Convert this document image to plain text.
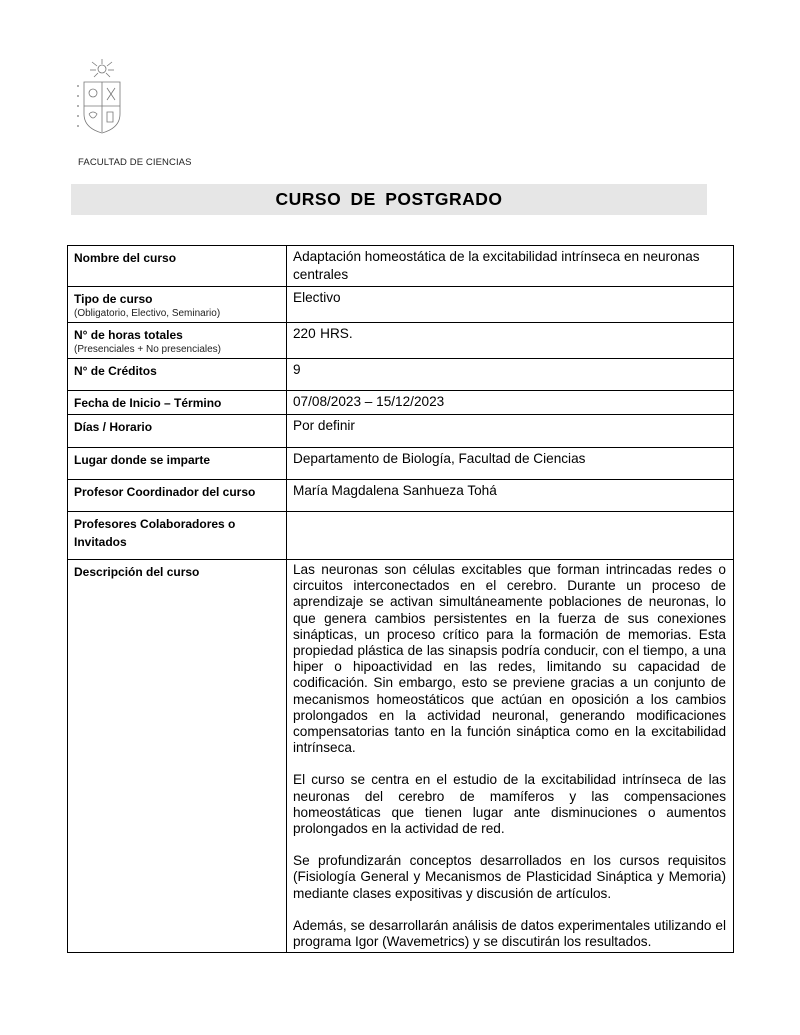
FACULTAD DE CIENCIAS
CURSO DE POSTGRADO
Nombre del curso	Adaptación homeostática de la excitabilidad intrínseca en neuronas centrales
Tipo de curso
(Obligatorio, Electivo, Seminario)	Electivo
N° de horas totales
(Presenciales + No presenciales)	220 HRS.
N° de Créditos	9
Fecha de Inicio – Término	07/08/2023 – 15/12/2023
Días / Horario	Por definir
Lugar donde se imparte	Departamento de Biología, Facultad de Ciencias
Profesor Coordinador del curso	María Magdalena Sanhueza Tohá
Profesores Colaboradores o Invitados	
Descripción del curso	Las neuronas son células excitables que forman intrincadas redes o circuitos interconectados en el cerebro. Durante un proceso de aprendizaje se activan simultáneamente poblaciones de neuronas, lo que genera cambios persistentes en la fuerza de sus conexiones sinápticas, un proceso crítico para la formación de memorias. Esta propiedad plástica de las sinapsis podría conducir, con el tiempo, a una hiper o hipoactividad en las redes, limitando su capacidad de codificación. Sin embargo, esto se previene gracias a un conjunto de mecanismos homeostáticos que actúan en oposición a los cambios prolongados en la actividad neuronal, generando modificaciones compensatorias tanto en la función sináptica como en la excitabilidad intrínseca.

El curso se centra en el estudio de la excitabilidad intrínseca de las neuronas del cerebro de mamíferos y las compensaciones homeostáticas que tienen lugar ante disminuciones o aumentos prolongados en la actividad de red.

Se profundizarán conceptos desarrollados en los cursos requisitos (Fisiología General y Mecanismos de Plasticidad Sináptica y Memoria) mediante clases expositivas y discusión de artículos.

Además, se desarrollarán análisis de datos experimentales utilizando el programa Igor (Wavemetrics) y se discutirán los resultados.
